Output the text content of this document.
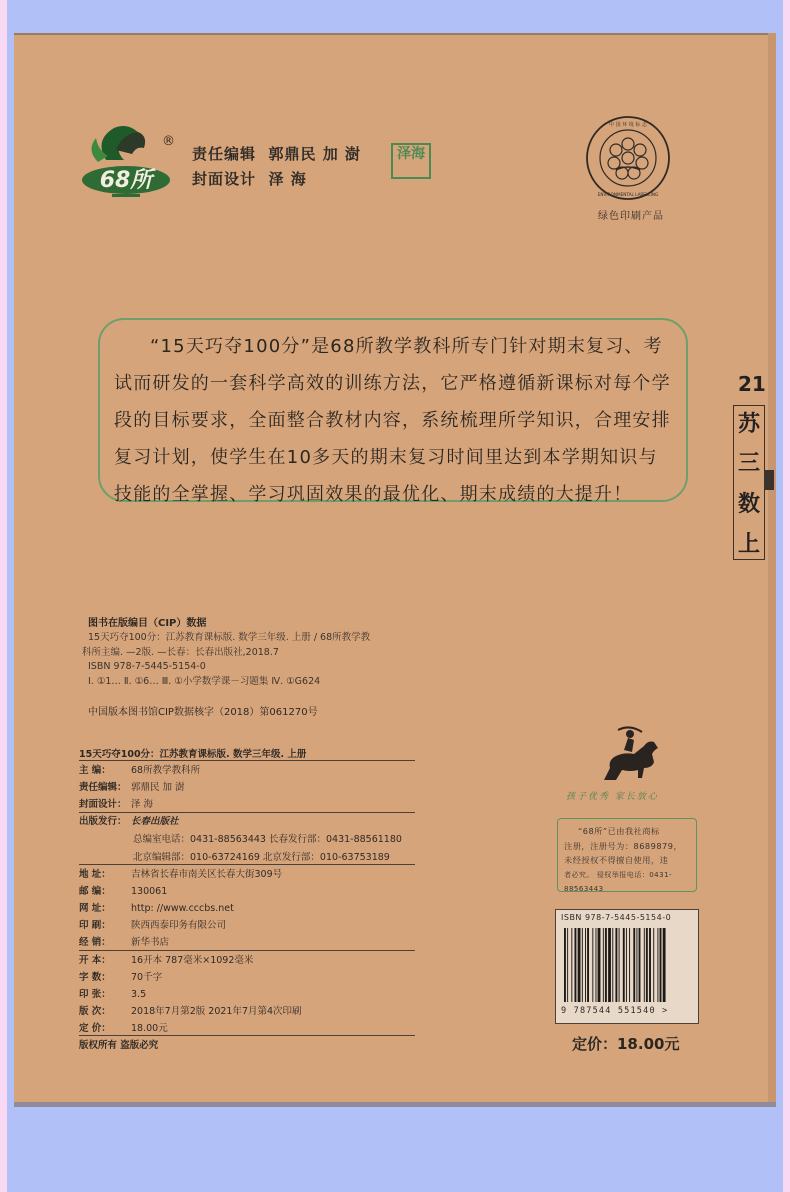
68所
®
责任编辑 郭鼎民 加 澍
封面设计 泽 海
泽海
中 国 环 境 标 志
ENVIRONMENTAL LABELLING
绿色印刷产品
“15天巧夺100分”是68所教学教科所专门针对期末复习、考试而研发的一套科学高效的训练方法，它严格遵循新课标对每个学段的目标要求，全面整合教材内容，系统梳理所学知识，合理安排复习计划，使学生在10多天的期末复习时间里达到本学期知识与技能的全掌握、学习巩固效果的最优化、期末成绩的大提升！
21
苏
三
数
上
图书在版编目（CIP）数据
15天巧夺100分：江苏教育课标版. 数学三年级. 上册 / 68所教学教
科所主编. —2版. —长春：长春出版社,2018.7
ISBN 978-7-5445-5154-0
Ⅰ. ①1… Ⅱ. ①6… Ⅲ. ①小学数学课－习题集 Ⅳ. ①G624
中国版本图书馆CIP数据核字（2018）第061270号
15天巧夺100分：江苏教育课标版. 数学三年级. 上册
主 编： 68所教学教科所
责任编辑： 郭鼎民 加 澍
封面设计： 泽 海
出版发行： 长春出版社
总编室电话：0431-88563443 长春发行部：0431-88561180
北京编辑部：010-63724169 北京发行部：010-63753189
地 址： 吉林省长春市南关区长春大街309号
邮 编： 130061
网 址： http: //www.cccbs.net
印 刷： 陕西西泰印务有限公司
经 销： 新华书店
开 本： 16开本 787毫米×1092毫米
字 数： 70千字
印 张： 3.5
版 次： 2018年7月第2版 2021年7月第4次印刷
定 价： 18.00元
版权所有 盗版必究
孩子优秀 家长放心
“68所”已由我社商标
注册，注册号为：8689879，
未经授权不得擅自使用，违
者必究。 侵权举报电话：0431-88563443
ISBN 978-7-5445-5154-0
9 787544 551540 >
定价：18.00元
